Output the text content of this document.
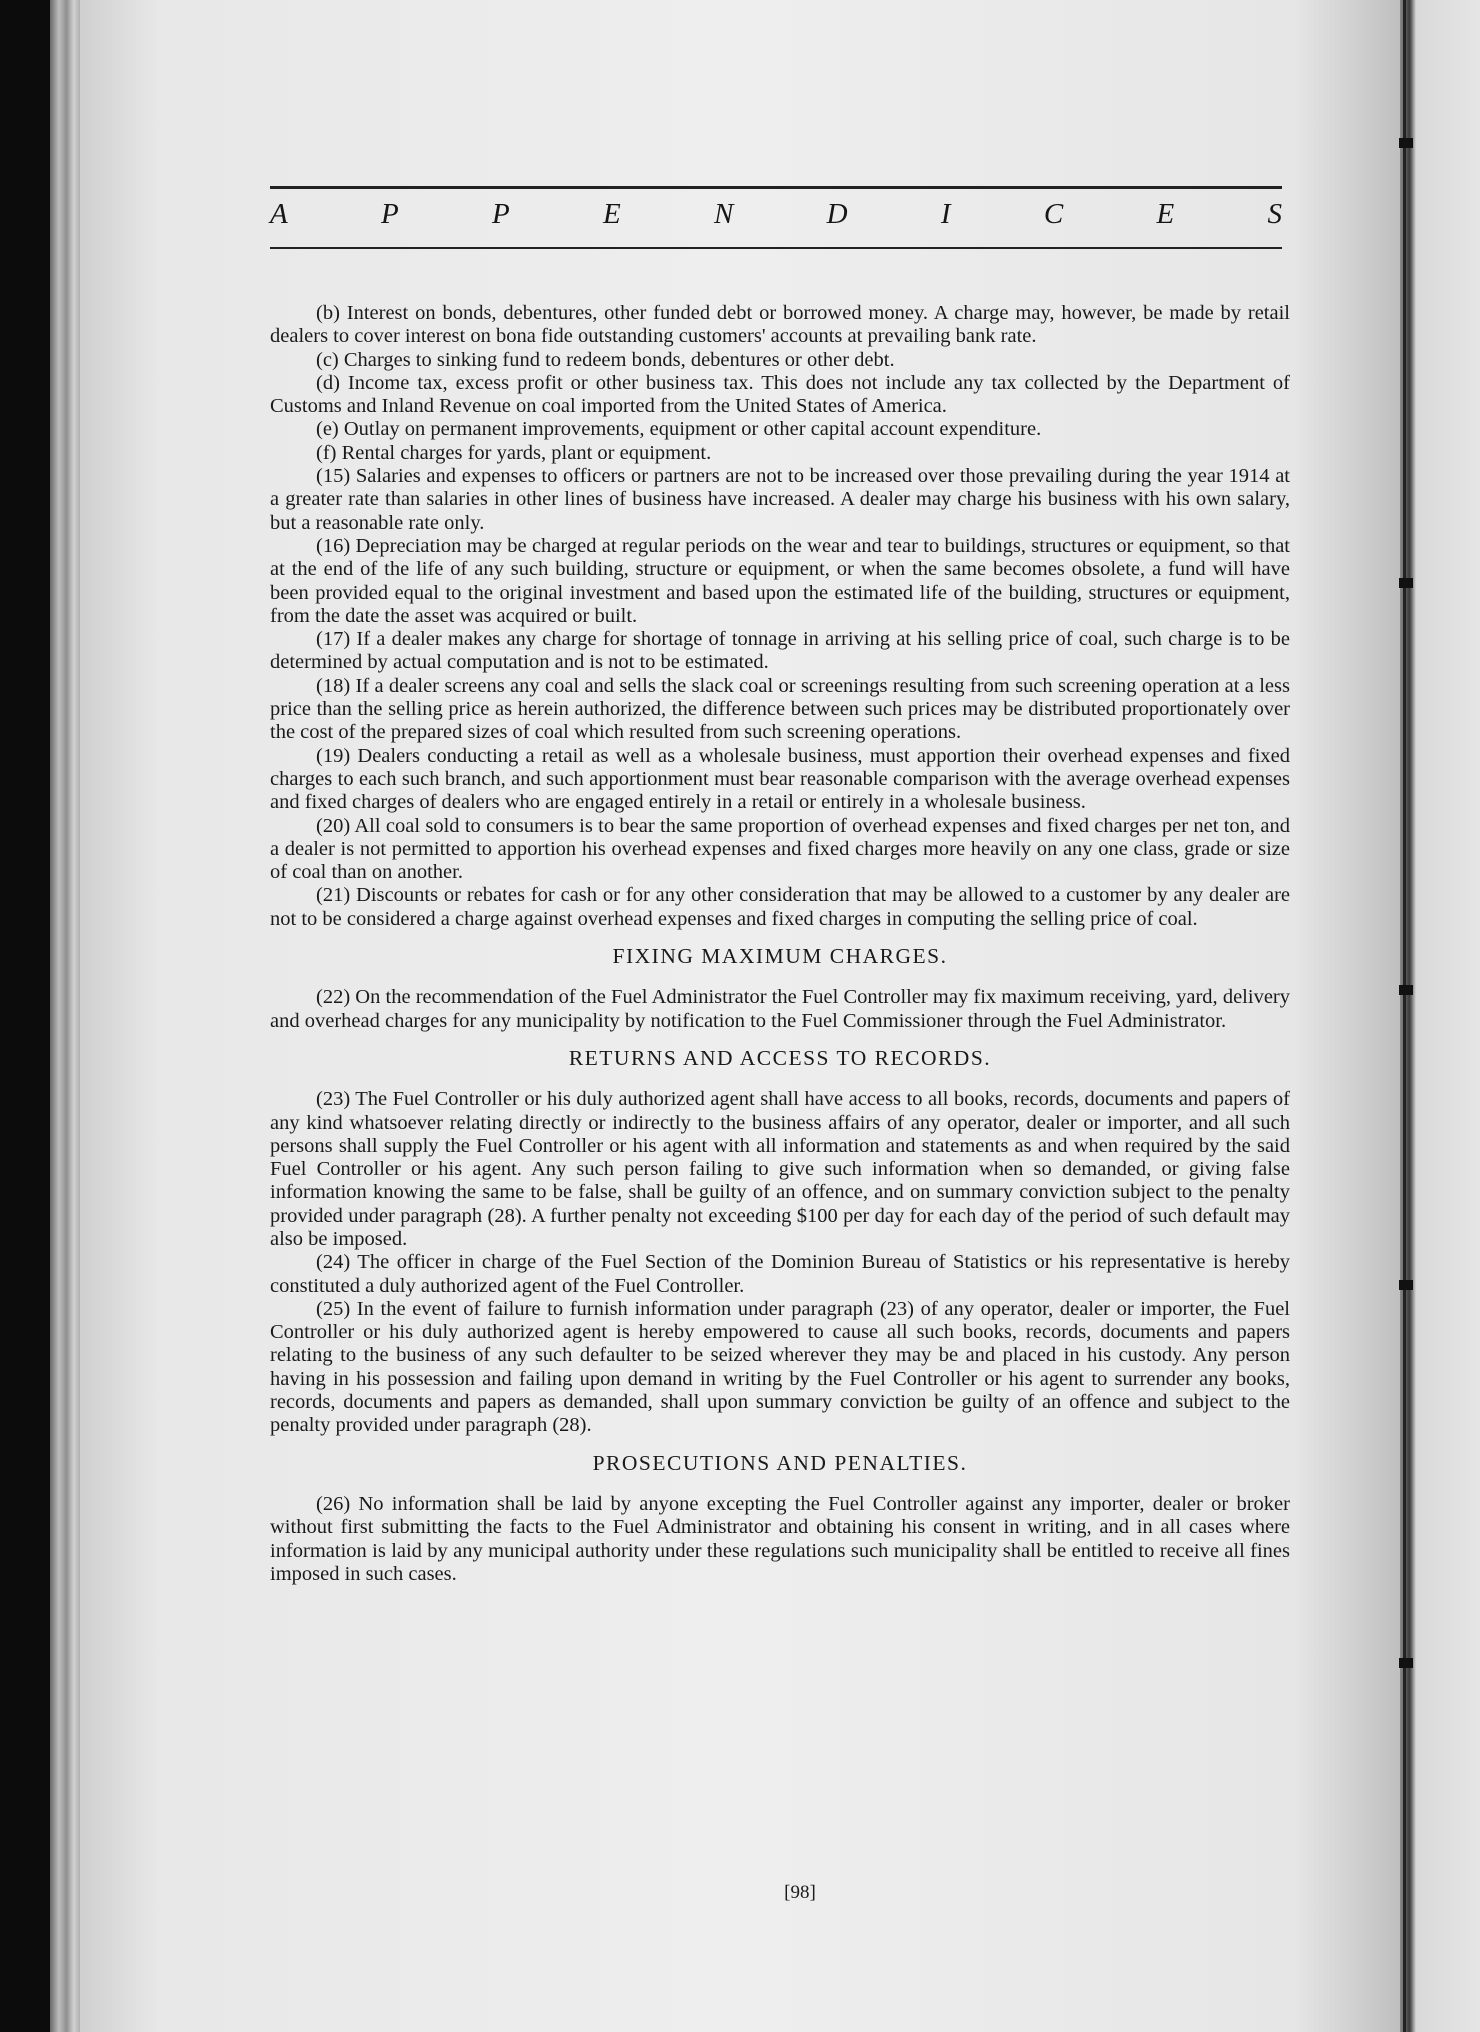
A	P	P	E	N	D	I	C	E	S

(b) Interest on bonds, debentures, other funded debt or borrowed money. A charge may, however, be made by retail dealers to cover interest on bona fide outstanding customers' accounts at prevailing bank rate.

(c) Charges to sinking fund to redeem bonds, debentures or other debt.

(d) Income tax, excess profit or other business tax. This does not include any tax collected by the Department of Customs and Inland Revenue on coal imported from the United States of America.

(e) Outlay on permanent improvements, equipment or other capital account expenditure.

(f) Rental charges for yards, plant or equipment.

(15) Salaries and expenses to officers or partners are not to be increased over those prevailing during the year 1914 at a greater rate than salaries in other lines of business have increased. A dealer may charge his business with his own salary, but a reasonable rate only.

(16) Depreciation may be charged at regular periods on the wear and tear to buildings, structures or equipment, so that at the end of the life of any such building, structure or equipment, or when the same becomes obsolete, a fund will have been provided equal to the original investment and based upon the estimated life of the building, structures or equipment, from the date the asset was acquired or built.

(17) If a dealer makes any charge for shortage of tonnage in arriving at his selling price of coal, such charge is to be determined by actual computation and is not to be estimated.

(18) If a dealer screens any coal and sells the slack coal or screenings resulting from such screening operation at a less price than the selling price as herein authorized, the difference between such prices may be distributed proportionately over the cost of the prepared sizes of coal which resulted from such screening operations.

(19) Dealers conducting a retail as well as a wholesale business, must apportion their overhead expenses and fixed charges to each such branch, and such apportionment must bear reasonable comparison with the average overhead expenses and fixed charges of dealers who are engaged entirely in a retail or entirely in a wholesale business.

(20) All coal sold to consumers is to bear the same proportion of overhead expenses and fixed charges per net ton, and a dealer is not permitted to apportion his overhead expenses and fixed charges more heavily on any one class, grade or size of coal than on another.

(21) Discounts or rebates for cash or for any other consideration that may be allowed to a customer by any dealer are not to be considered a charge against overhead expenses and fixed charges in computing the selling price of coal.

FIXING MAXIMUM CHARGES.

(22) On the recommendation of the Fuel Administrator the Fuel Controller may fix maximum receiving, yard, delivery and overhead charges for any municipality by notification to the Fuel Commissioner through the Fuel Administrator.

RETURNS AND ACCESS TO RECORDS.

(23) The Fuel Controller or his duly authorized agent shall have access to all books, records, documents and papers of any kind whatsoever relating directly or indirectly to the business affairs of any operator, dealer or importer, and all such persons shall supply the Fuel Controller or his agent with all information and statements as and when required by the said Fuel Controller or his agent. Any such person failing to give such information when so demanded, or giving false information knowing the same to be false, shall be guilty of an offence, and on summary conviction subject to the penalty provided under paragraph (28). A further penalty not exceeding $100 per day for each day of the period of such default may also be imposed.

(24) The officer in charge of the Fuel Section of the Dominion Bureau of Statistics or his representative is hereby constituted a duly authorized agent of the Fuel Controller.

(25) In the event of failure to furnish information under paragraph (23) of any operator, dealer or importer, the Fuel Controller or his duly authorized agent is hereby empowered to cause all such books, records, documents and papers relating to the business of any such defaulter to be seized wherever they may be and placed in his custody. Any person having in his possession and failing upon demand in writing by the Fuel Controller or his agent to surrender any books, records, documents and papers as demanded, shall upon summary conviction be guilty of an offence and subject to the penalty provided under paragraph (28).

PROSECUTIONS AND PENALTIES.

(26) No information shall be laid by anyone excepting the Fuel Controller against any importer, dealer or broker without first submitting the facts to the Fuel Administrator and obtaining his consent in writing, and in all cases where information is laid by any municipal authority under these regulations such municipality shall be entitled to receive all fines imposed in such cases.

[98]
